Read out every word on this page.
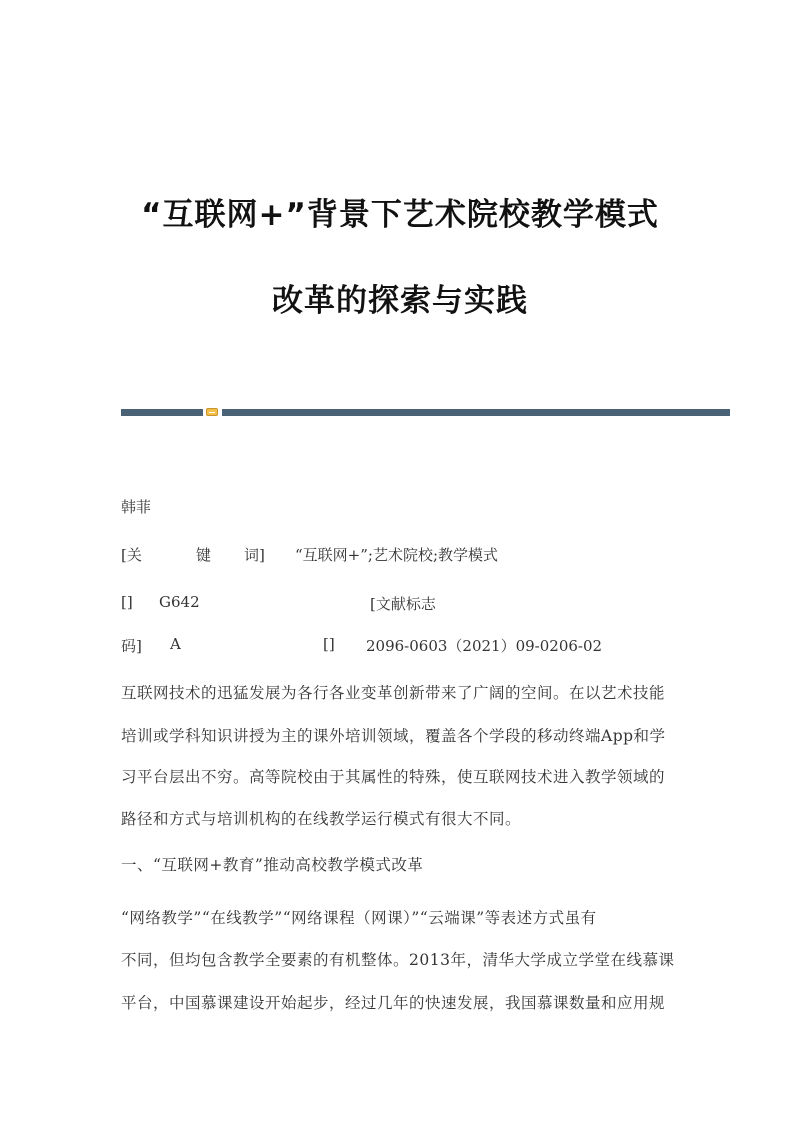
“互联网+”背景下艺术院校教学模式
改革的探索与实践
韩菲
[关	键 词] “互联网+”;艺术院校;教学模式
[] G642	[文献标志
码] A	[] 2096-0603（2021）09-0206-02
互联网技术的迅猛发展为各行各业变革创新带来了广阔的空间。在以艺术技能
培训或学科知识讲授为主的课外培训领域，覆盖各个学段的移动终端App和学
习平台层出不穷。高等院校由于其属性的特殊，使互联网技术进入教学领域的
路径和方式与培训机构的在线教学运行模式有很大不同。
一、“互联网+教育”推动高校教学模式改革
“网络教学”“在线教学”“网络课程（网课）”“云端课”等表述方式虽有
不同，但均包含教学全要素的有机整体。2013年，清华大学成立学堂在线慕课
平台，中国慕课建设开始起步，经过几年的快速发展，我国慕课数量和应用规
